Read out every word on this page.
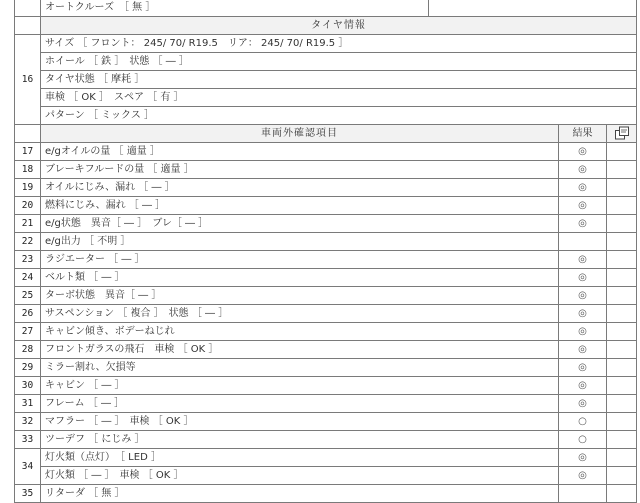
	オートクルーズ　［ 無 ］			
	タイヤ情報			
16	サイズ ［ フロント： 245/ 70/ R19.5　リア： 245/ 70/ R19.5 ］			
	ホイール ［ 鉄 ］　状態 ［ ― ］			
	タイヤ状態 ［ 摩耗 ］			
	車検 ［ OK ］　スペア ［ 有 ］			
	パターン ［ ミックス ］			
	車両外確認項目		結果	
17	e/gオイルの量 ［ 適量 ］		◎	
18	ブレーキフルードの量 ［ 適量 ］		◎	
19	オイルにじみ、漏れ ［ ― ］		◎	
20	燃料にじみ、漏れ ［ ― ］		◎	
21	e/g状態　異音［ ― ］　ブレ［ ― ］		◎	
22	e/g出力 ［ 不明 ］			
23	ラジエーター ［ ― ］		◎	
24	ベルト類 ［ ― ］		◎	
25	ターボ状態　異音［ ― ］		◎	
26	サスペンション ［ 複合 ］　状態 ［ ― ］		◎	
27	キャビン傾き、ボデーねじれ		◎	
28	フロントガラスの飛石　車検 ［ OK ］		◎	
29	ミラー割れ、欠損等		◎	
30	キャビン ［ ― ］		◎	
31	フレーム ［ ― ］		◎	
32	マフラー ［ ― ］　車検 ［ OK ］		○	
33	ツーデフ ［ にじみ ］		○	
34	灯火類（点灯）　［ LED ］		◎	
	灯火類 ［ ― ］　車検 ［ OK ］		◎	
35	リターダ ［ 無 ］			
